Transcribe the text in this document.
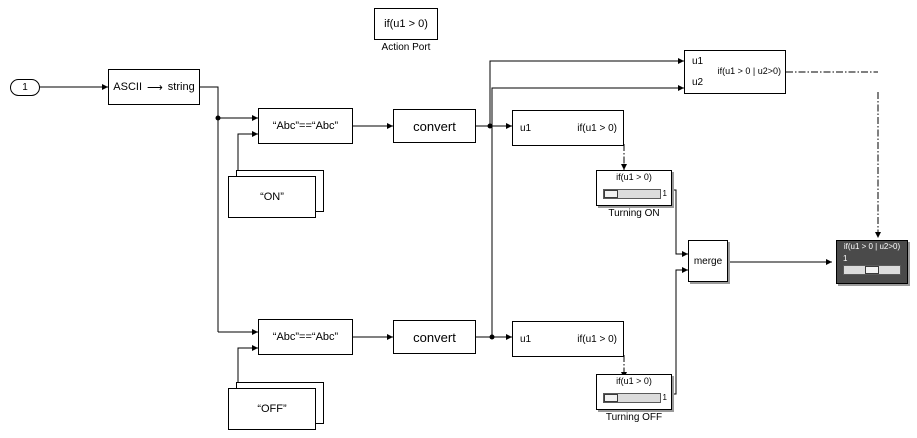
1	ASCII ⟶ string
if(u1 > 0)
Action Port
“Abc”==“Abc”
“Abc”==“Abc”
“ON”
“OFF”
convert
convert
u1	if(u1 > 0)
u1	if(u1 > 0)
u1
u2
if(u1 > 0 | u2>0)
if(u1 > 0)
1
Turning ON
if(u1 > 0)
1
Turning OFF
merge
if(u1 > 0 | u2>0)
1
